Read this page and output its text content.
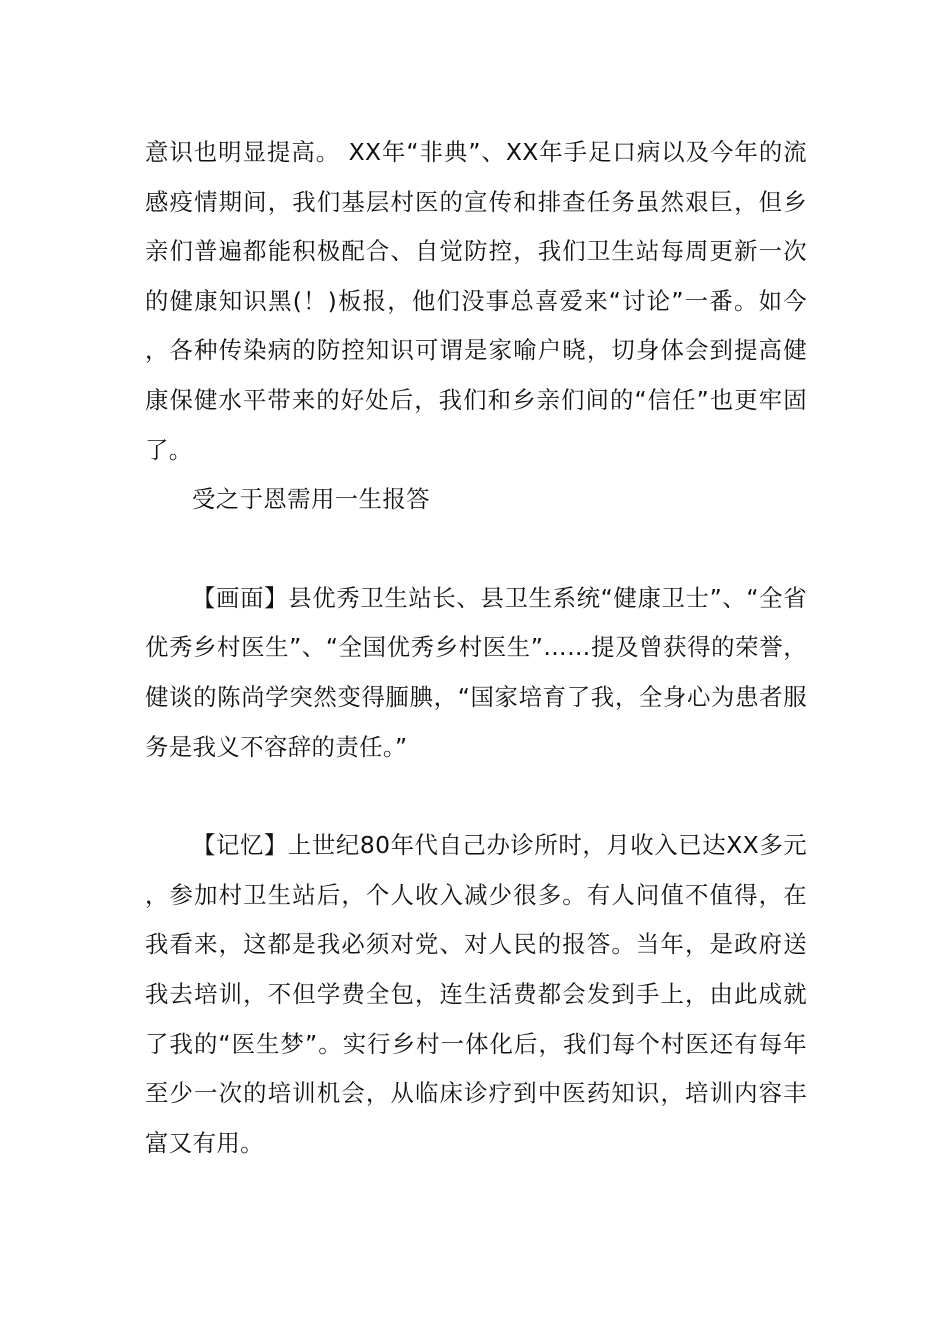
意识也明显提高。 XX年“非典”、XX年手足口病以及今年的流感疫情期间，我们基层村医的宣传和排查任务虽然艰巨，但乡亲们普遍都能积极配合、自觉防控，我们卫生站每周更新一次的健康知识黑(！)板报，他们没事总喜爱来“讨论”一番。如今，各种传染病的防控知识可谓是家喻户晓，切身体会到提高健康保健水平带来的好处后，我们和乡亲们间的“信任”也更牢固了。

受之于恩需用一生报答

【画面】县优秀卫生站长、县卫生系统“健康卫士”、“全省优秀乡村医生”、“全国优秀乡村医生”……提及曾获得的荣誉，健谈的陈尚学突然变得腼腆，“国家培育了我，全身心为患者服务是我义不容辞的责任。”

【记忆】上世纪80年代自己办诊所时，月收入已达XX多元，参加村卫生站后，个人收入减少很多。有人问值不值得，在我看来，这都是我必须对党、对人民的报答。当年，是政府送我去培训，不但学费全包，连生活费都会发到手上，由此成就了我的“医生梦”。实行乡村一体化后，我们每个村医还有每年至少一次的培训机会，从临床诊疗到中医药知识，培训内容丰富又有用。
